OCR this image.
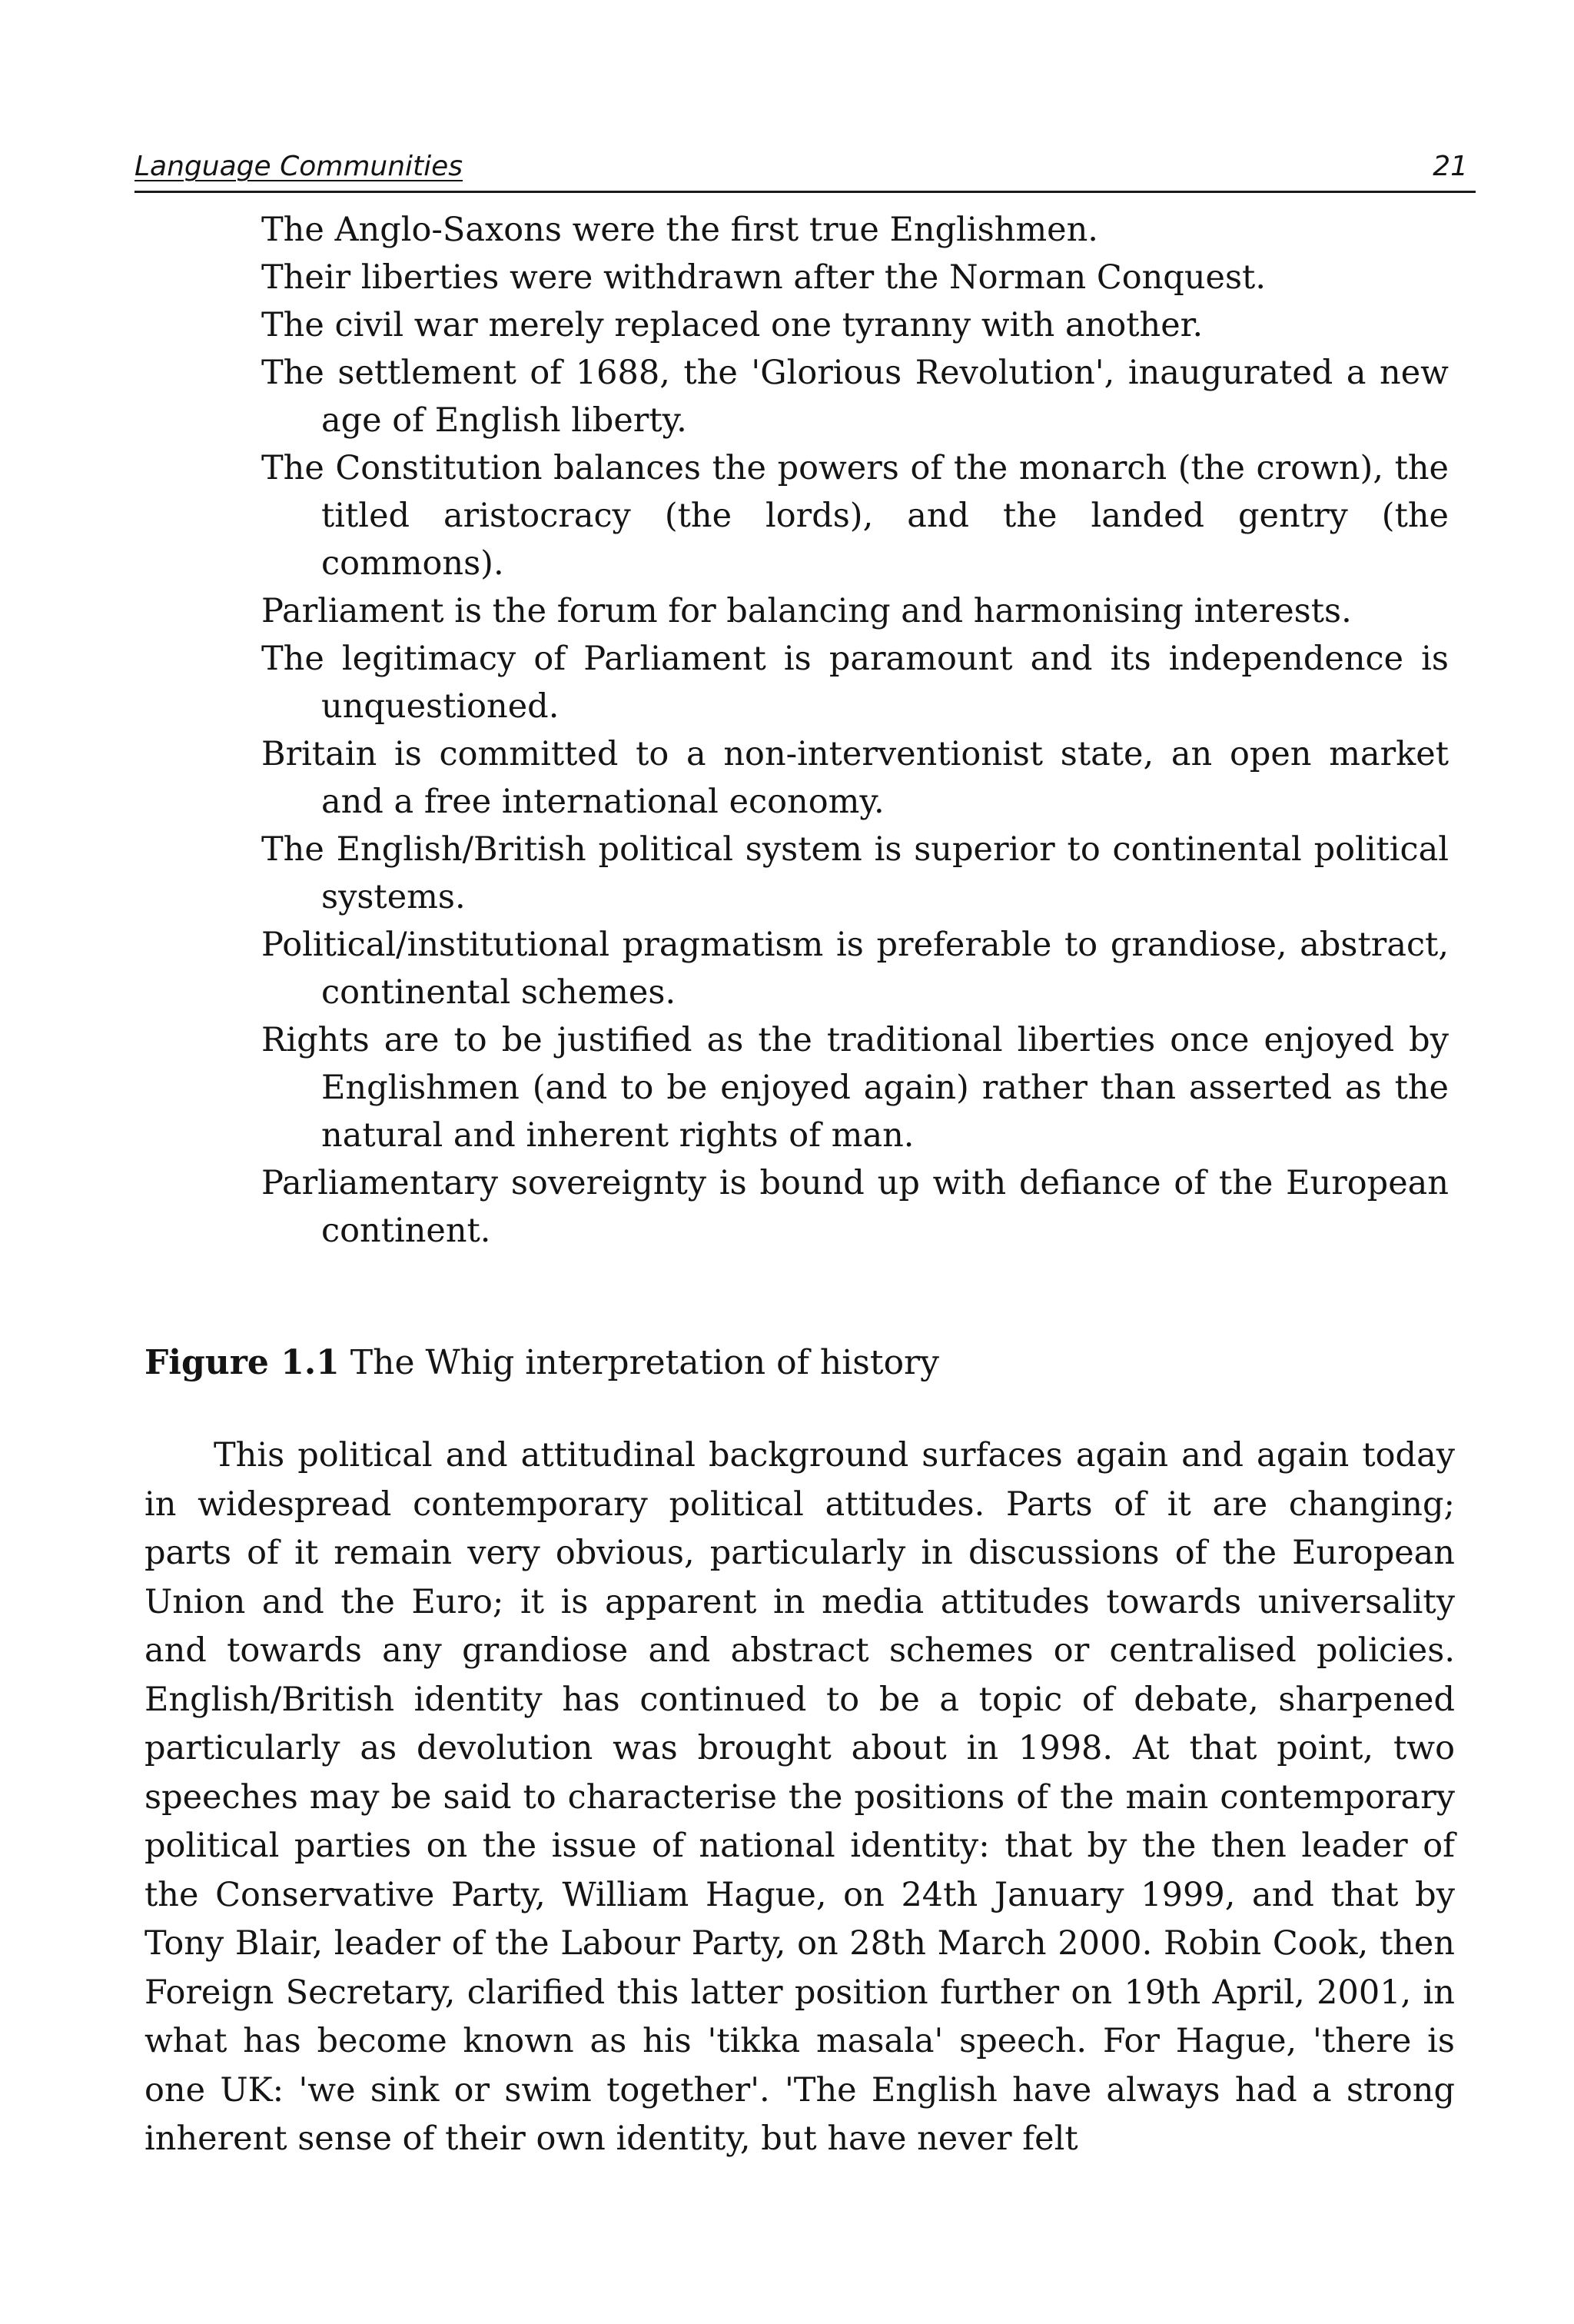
Language Communities	21
The Anglo-Saxons were the first true Englishmen.
Their liberties were withdrawn after the Norman Conquest.
The civil war merely replaced one tyranny with another.
The settlement of 1688, the 'Glorious Revolution', inaugurated a new age of English liberty.
The Constitution balances the powers of the monarch (the crown), the titled aristocracy (the lords), and the landed gentry (the commons).
Parliament is the forum for balancing and harmonising interests.
The legitimacy of Parliament is paramount and its independence is unquestioned.
Britain is committed to a non-interventionist state, an open market and a free international economy.
The English/British political system is superior to continental political systems.
Political/institutional pragmatism is preferable to grandiose, abstract, continental schemes.
Rights are to be justified as the traditional liberties once enjoyed by Englishmen (and to be enjoyed again) rather than asserted as the natural and inherent rights of man.
Parliamentary sovereignty is bound up with defiance of the European continent.
Figure 1.1 The Whig interpretation of history

This political and attitudinal background surfaces again and again today in widespread contemporary political attitudes. Parts of it are changing; parts of it remain very obvious, particularly in discussions of the European Union and the Euro; it is apparent in media attitudes towards universality and towards any grandiose and abstract schemes or centralised policies. English/British identity has continued to be a topic of debate, sharpened particularly as devolution was brought about in 1998. At that point, two speeches may be said to characterise the positions of the main contemporary political parties on the issue of national identity: that by the then leader of the Conservative Party, William Hague, on 24th January 1999, and that by Tony Blair, leader of the Labour Party, on 28th March 2000. Robin Cook, then Foreign Secretary, clarified this latter position further on 19th April, 2001, in what has become known as his 'tikka masala' speech. For Hague, 'there is one UK: 'we sink or swim together'. 'The English have always had a strong inherent sense of their own identity, but have never felt
